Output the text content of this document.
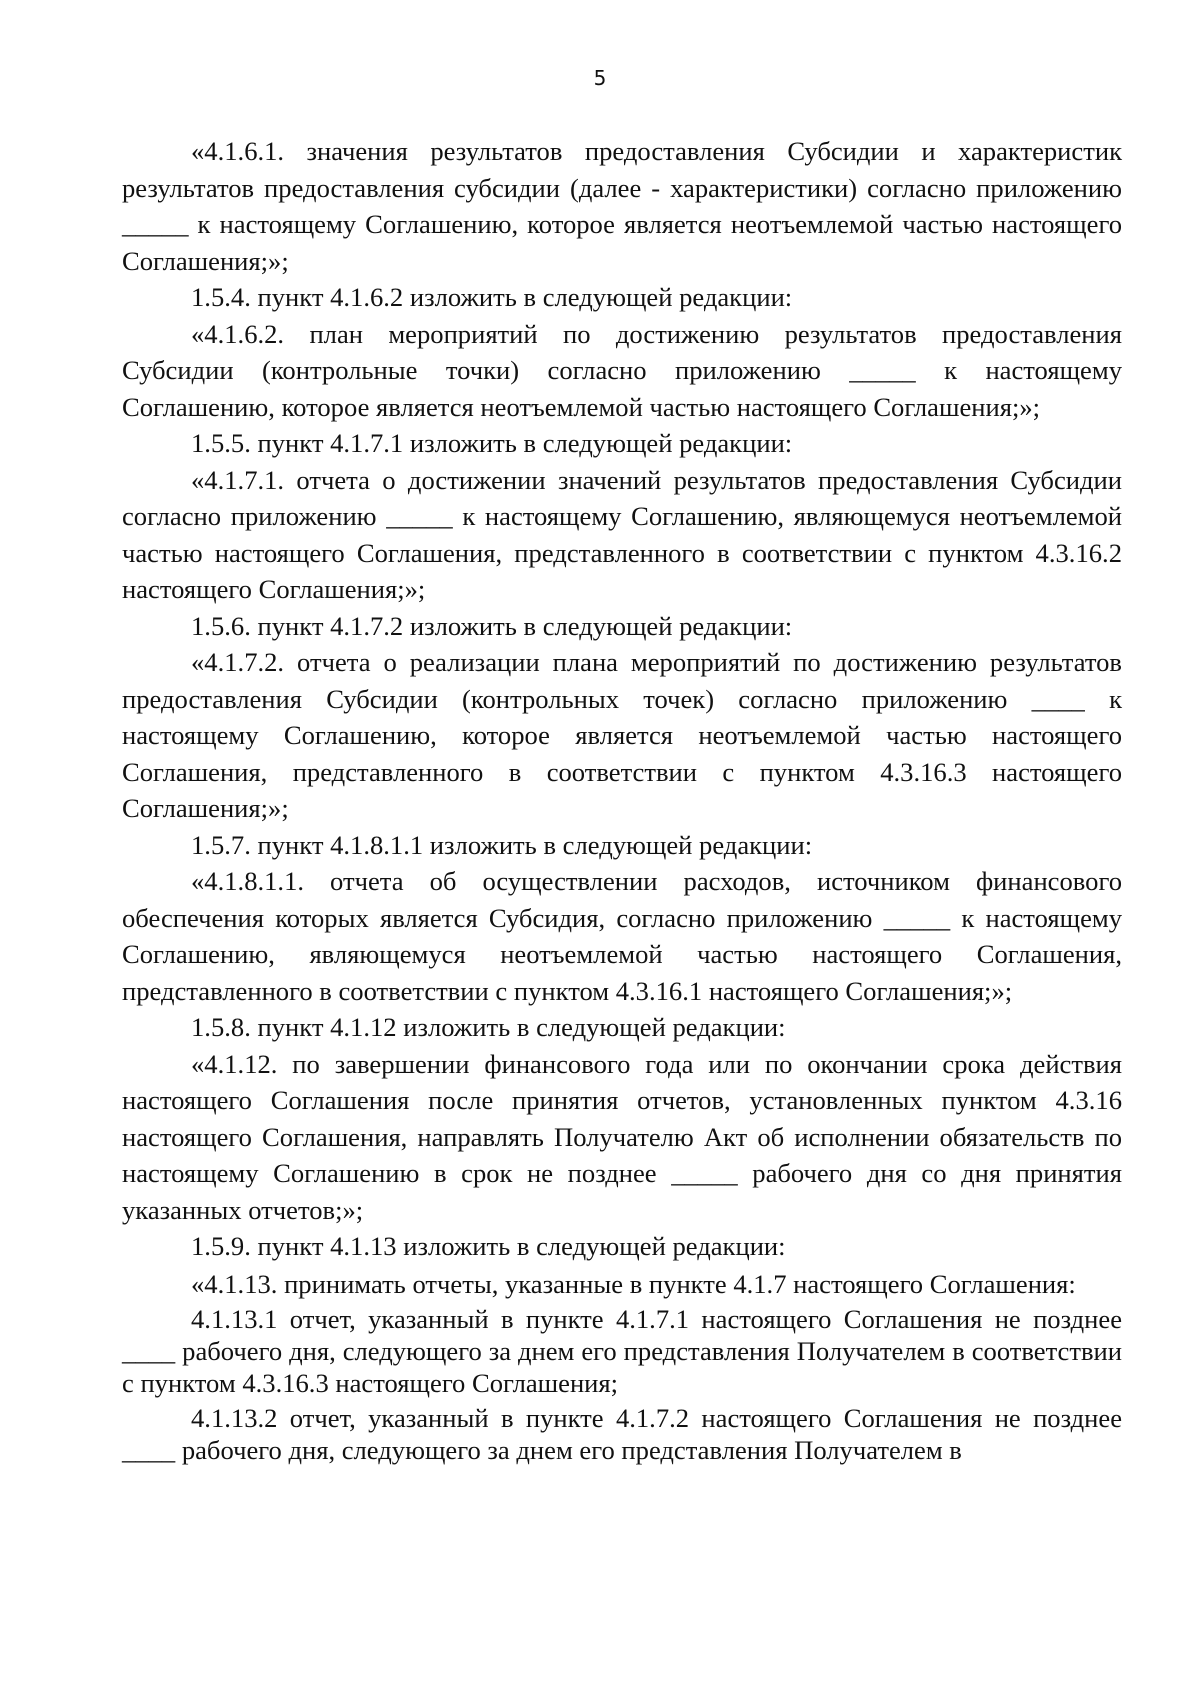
5

«4.1.6.1. значения результатов предоставления Субсидии и характеристик результатов предоставления субсидии (далее - характеристики) согласно приложению _____ к настоящему Соглашению, которое является неотъемлемой частью настоящего Соглашения;»;

1.5.4. пункт 4.1.6.2 изложить в следующей редакции:

«4.1.6.2. план мероприятий по достижению результатов предоставления Субсидии (контрольные точки) согласно приложению _____ к настоящему Соглашению, которое является неотъемлемой частью настоящего Соглашения;»;

1.5.5. пункт 4.1.7.1 изложить в следующей редакции:

«4.1.7.1. отчета о достижении значений результатов предоставления Субсидии согласно приложению _____ к настоящему Соглашению, являющемуся неотъемлемой частью настоящего Соглашения, представленного в соответствии с пунктом 4.3.16.2 настоящего Соглашения;»;

1.5.6. пункт 4.1.7.2 изложить в следующей редакции:

«4.1.7.2. отчета о реализации плана мероприятий по достижению результатов предоставления Субсидии (контрольных точек) согласно приложению ____ к настоящему Соглашению, которое является неотъемлемой частью настоящего Соглашения, представленного в соответствии с пунктом 4.3.16.3 настоящего Соглашения;»;

1.5.7. пункт 4.1.8.1.1 изложить в следующей редакции:

«4.1.8.1.1. отчета об осуществлении расходов, источником финансового обеспечения которых является Субсидия, согласно приложению _____ к настоящему Соглашению, являющемуся неотъемлемой частью настоящего Соглашения, представленного в соответствии с пунктом 4.3.16.1 настоящего Соглашения;»;

1.5.8. пункт 4.1.12 изложить в следующей редакции:

«4.1.12. по завершении финансового года или по окончании срока действия настоящего Соглашения после принятия отчетов, установленных пунктом 4.3.16 настоящего Соглашения, направлять Получателю Акт об исполнении обязательств по настоящему Соглашению в срок не позднее _____ рабочего дня со дня принятия указанных отчетов;»;

1.5.9. пункт 4.1.13 изложить в следующей редакции:

«4.1.13. принимать отчеты, указанные в пункте 4.1.7 настоящего Соглашения:

4.1.13.1 отчет, указанный в пункте 4.1.7.1 настоящего Соглашения не позднее ____ рабочего дня, следующего за днем его представления Получателем в соответствии с пунктом 4.3.16.3 настоящего Соглашения;

4.1.13.2 отчет, указанный в пункте 4.1.7.2 настоящего Соглашения не позднее ____ рабочего дня, следующего за днем его представления Получателем в
